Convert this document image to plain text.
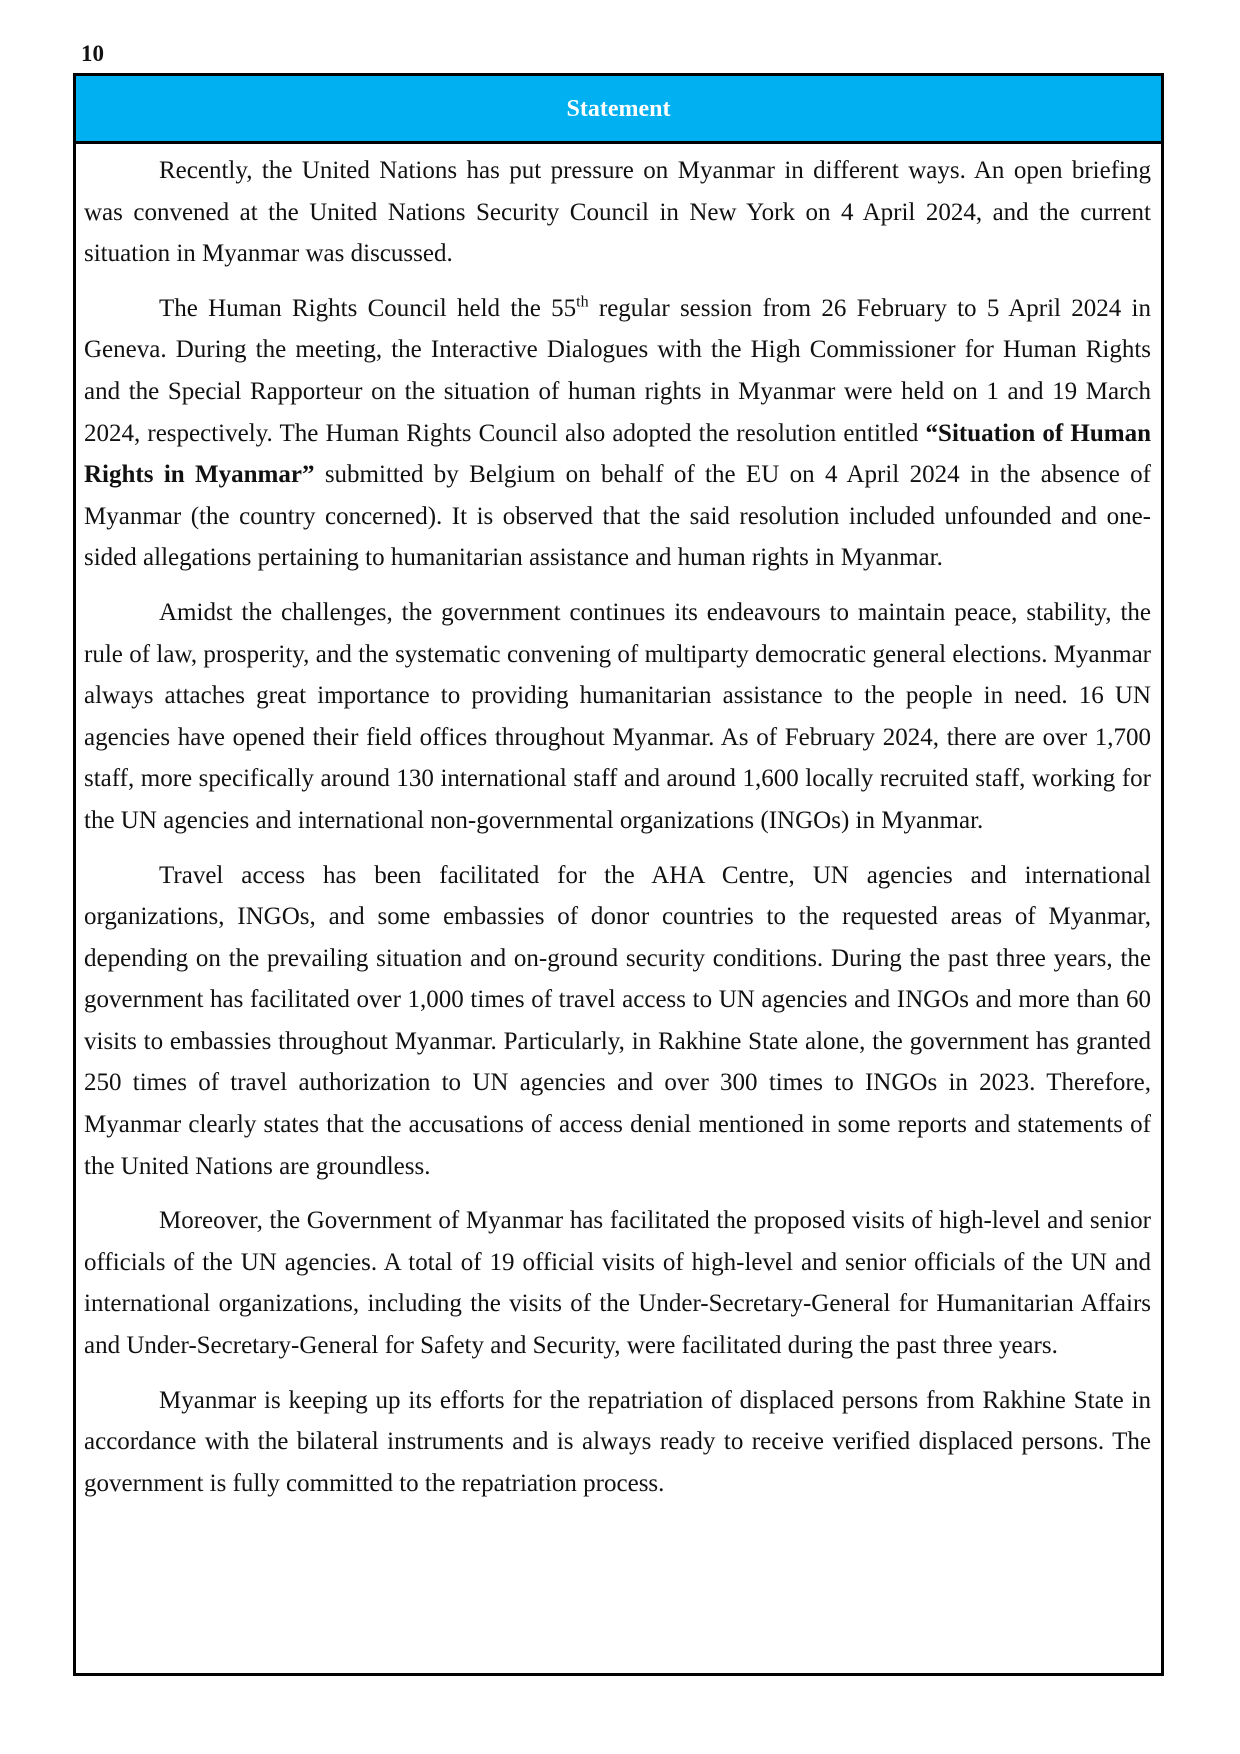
10
Statement

Recently, the United Nations has put pressure on Myanmar in different ways. An open briefing was convened at the United Nations Security Council in New York on 4 April 2024, and the current situation in Myanmar was discussed.

The Human Rights Council held the 55th regular session from 26 February to 5 April 2024 in Geneva. During the meeting, the Interactive Dialogues with the High Commissioner for Human Rights and the Special Rapporteur on the situation of human rights in Myanmar were held on 1 and 19 March 2024, respectively. The Human Rights Council also adopted the resolution entitled “Situation of Human Rights in Myanmar” submitted by Belgium on behalf of the EU on 4 April 2024 in the absence of Myanmar (the country concerned). It is observed that the said resolution included unfounded and one-sided allegations pertaining to humanitarian assistance and human rights in Myanmar.

Amidst the challenges, the government continues its endeavours to maintain peace, stability, the rule of law, prosperity, and the systematic convening of multiparty democratic general elections. Myanmar always attaches great importance to providing humanitarian assistance to the people in need. 16 UN agencies have opened their field offices throughout Myanmar. As of February 2024, there are over 1,700 staff, more specifically around 130 international staff and around 1,600 locally recruited staff, working for the UN agencies and international non-governmental organizations (INGOs) in Myanmar.

Travel access has been facilitated for the AHA Centre, UN agencies and international organizations, INGOs, and some embassies of donor countries to the requested areas of Myanmar, depending on the prevailing situation and on-ground security conditions. During the past three years, the government has facilitated over 1,000 times of travel access to UN agencies and INGOs and more than 60 visits to embassies throughout Myanmar. Particularly, in Rakhine State alone, the government has granted 250 times of travel authorization to UN agencies and over 300 times to INGOs in 2023. Therefore, Myanmar clearly states that the accusations of access denial mentioned in some reports and statements of the United Nations are groundless.

Moreover, the Government of Myanmar has facilitated the proposed visits of high-level and senior officials of the UN agencies. A total of 19 official visits of high-level and senior officials of the UN and international organizations, including the visits of the Under-Secretary-General for Humanitarian Affairs and Under-Secretary-General for Safety and Security, were facilitated during the past three years.

Myanmar is keeping up its efforts for the repatriation of displaced persons from Rakhine State in accordance with the bilateral instruments and is always ready to receive verified displaced persons. The government is fully committed to the repatriation process.
